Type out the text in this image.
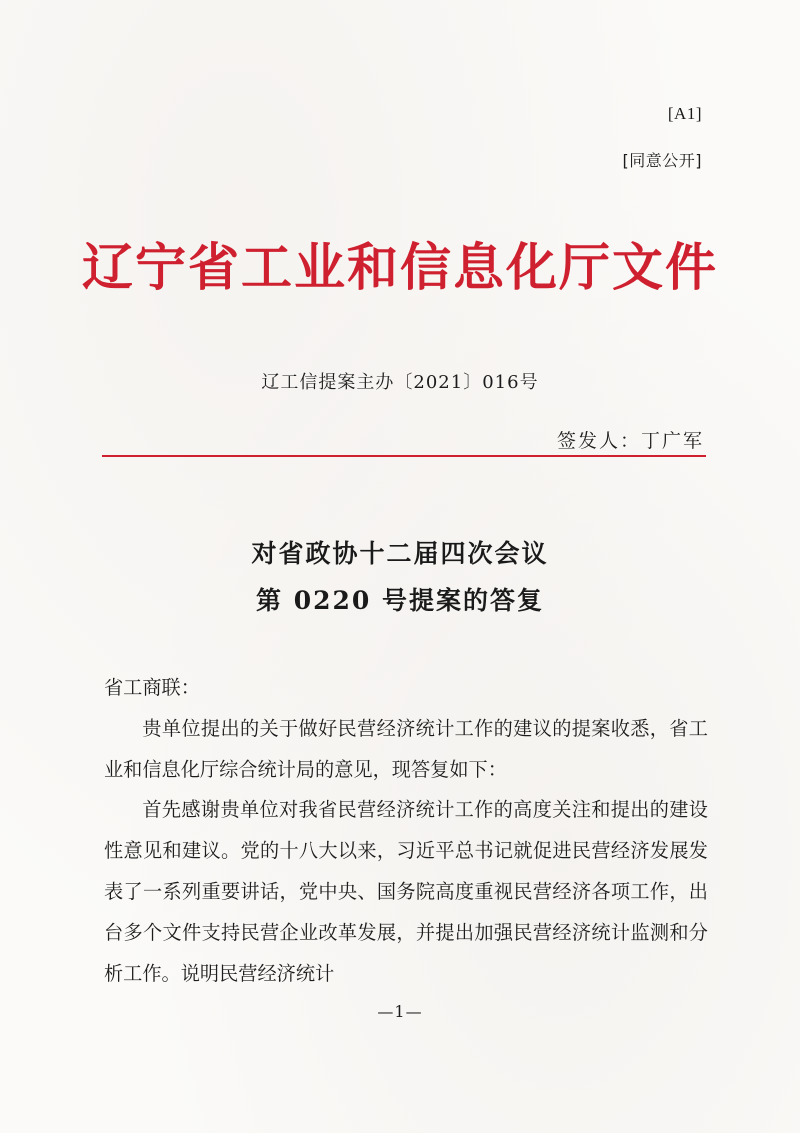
[A1]
[同意公开]
辽宁省工业和信息化厅文件
辽工信提案主办〔2021〕016号
签发人：丁广军
对省政协十二届四次会议
第 0220 号提案的答复

省工商联：

贵单位提出的关于做好民营经济统计工作的建议的提案收悉，省工业和信息化厅综合统计局的意见，现答复如下：

首先感谢贵单位对我省民营经济统计工作的高度关注和提出的建设性意见和建议。党的十八大以来，习近平总书记就促进民营经济发展发表了一系列重要讲话，党中央、国务院高度重视民营经济各项工作，出台多个文件支持民营企业改革发展，并提出加强民营经济统计监测和分析工作。说明民营经济统计

—1—
